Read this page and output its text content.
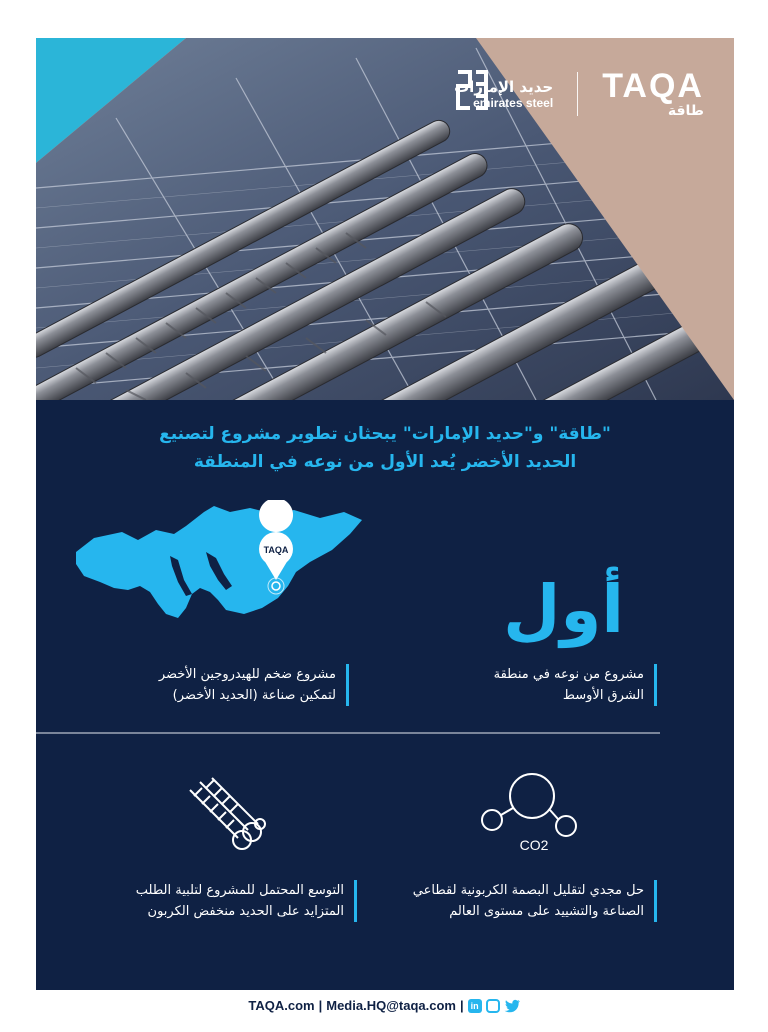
حديد الإمارات
emirates steel TAQA
طاقة
"طاقة" و"حديد الإمارات" يبحثان تطوير مشروع لتصنيع
الحديد الأخضر يُعد الأول من نوعه في المنطقة
TAQA
أول
مشروع من نوعه في منطقة
الشرق الأوسط
مشروع ضخم للهيدروجين الأخضر
لتمكين صناعة (الحديد الأخضر)
CO2
حل مجدي لتقليل البصمة الكربونية لقطاعي
الصناعة والتشييد على مستوى العالم
التوسع المحتمل للمشروع لتلبية الطلب
المتزايد على الحديد منخفض الكربون
TAQA.com | Media.HQ@taqa.com | in
